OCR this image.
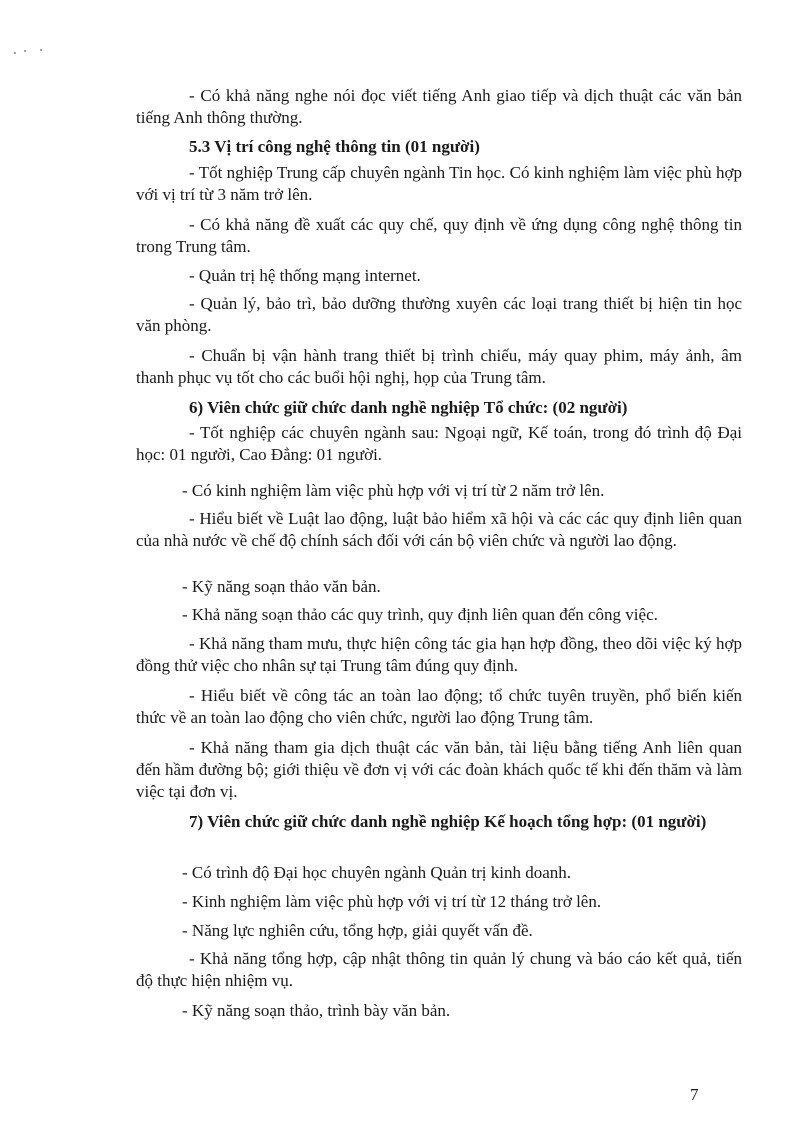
- Có khả năng nghe nói đọc viết tiếng Anh giao tiếp và dịch thuật các văn bản tiếng Anh thông thường.

5.3 Vị trí công nghệ thông tin (01 người)

- Tốt nghiệp Trung cấp chuyên ngành Tin học. Có kinh nghiệm làm việc phù hợp với vị trí từ 3 năm trở lên.

- Có khả năng đề xuất các quy chế, quy định về ứng dụng công nghệ thông tin trong Trung tâm.

- Quản trị hệ thống mạng internet.

- Quản lý, bảo trì, bảo dưỡng thường xuyên các loại trang thiết bị hiện tin học văn phòng.

- Chuẩn bị vận hành trang thiết bị trình chiếu, máy quay phim, máy ảnh, âm thanh phục vụ tốt cho các buổi hội nghị, họp của Trung tâm.

6) Viên chức giữ chức danh nghề nghiệp Tổ chức: (02 người)

- Tốt nghiệp các chuyên ngành sau: Ngoại ngữ, Kế toán, trong đó trình độ Đại học: 01 người, Cao Đẳng: 01 người.

- Có kinh nghiệm làm việc phù hợp với vị trí từ 2 năm trở lên.

- Hiểu biết về Luật lao động, luật bảo hiểm xã hội và các các quy định liên quan của nhà nước về chế độ chính sách đối với cán bộ viên chức và người lao động.

- Kỹ năng soạn thảo văn bản.

- Khả năng soạn thảo các quy trình, quy định liên quan đến công việc.

- Khả năng tham mưu, thực hiện công tác gia hạn hợp đồng, theo dõi việc ký hợp đồng thử việc cho nhân sự tại Trung tâm đúng quy định.

- Hiểu biết về công tác an toàn lao động; tổ chức tuyên truyền, phổ biến kiến thức về an toàn lao động cho viên chức, người lao động Trung tâm.

- Khả năng tham gia dịch thuật các văn bản, tài liệu bằng tiếng Anh liên quan đến hầm đường bộ; giới thiệu về đơn vị với các đoàn khách quốc tế khi đến thăm và làm việc tại đơn vị.

7) Viên chức giữ chức danh nghề nghiệp Kế hoạch tổng hợp: (01 người)

- Có trình độ Đại học chuyên ngành Quản trị kinh doanh.

- Kinh nghiệm làm việc phù hợp với vị trí từ 12 tháng trở lên.

- Năng lực nghiên cứu, tổng hợp, giải quyết vấn đề.

- Khả năng tổng hợp, cập nhật thông tin quản lý chung và báo cáo kết quả, tiến độ thực hiện nhiệm vụ.

- Kỹ năng soạn thảo, trình bày văn bản.

7
